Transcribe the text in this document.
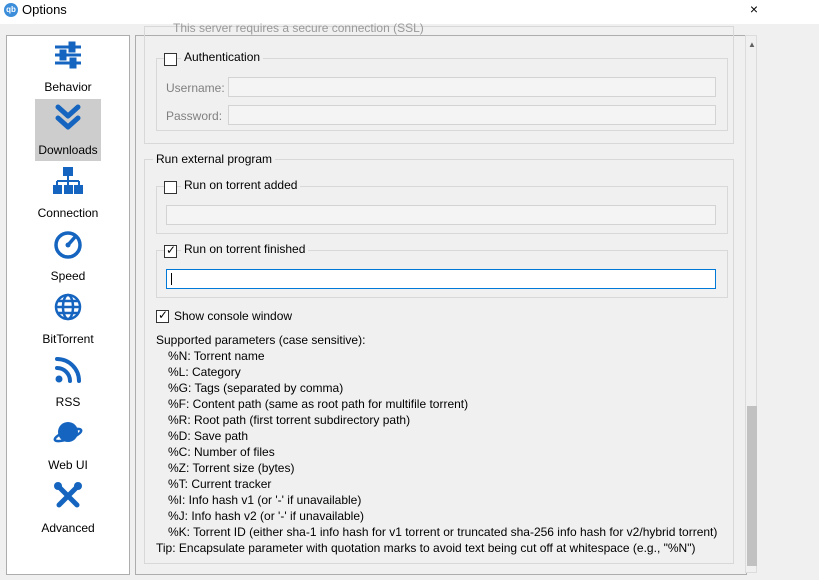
qb Options	×
Behavior
Downloads
Connection
Speed
BitTorrent
RSS
Web UI
Advanced
This server requires a secure connection (SSL)
Authentication
Username:
Password:
Run external program
Run on torrent added
✓ Run on torrent finished
✓ Show console window
Supported parameters (case sensitive):
%N: Torrent name
%L: Category
%G: Tags (separated by comma)
%F: Content path (same as root path for multifile torrent)
%R: Root path (first torrent subdirectory path)
%D: Save path
%C: Number of files
%Z: Torrent size (bytes)
%T: Current tracker
%I: Info hash v1 (or '-' if unavailable)
%J: Info hash v2 (or '-' if unavailable)
%K: Torrent ID (either sha-1 info hash for v1 torrent or truncated sha-256 info hash for v2/hybrid torrent)
Tip: Encapsulate parameter with quotation marks to avoid text being cut off at whitespace (e.g., "%N")
▲
